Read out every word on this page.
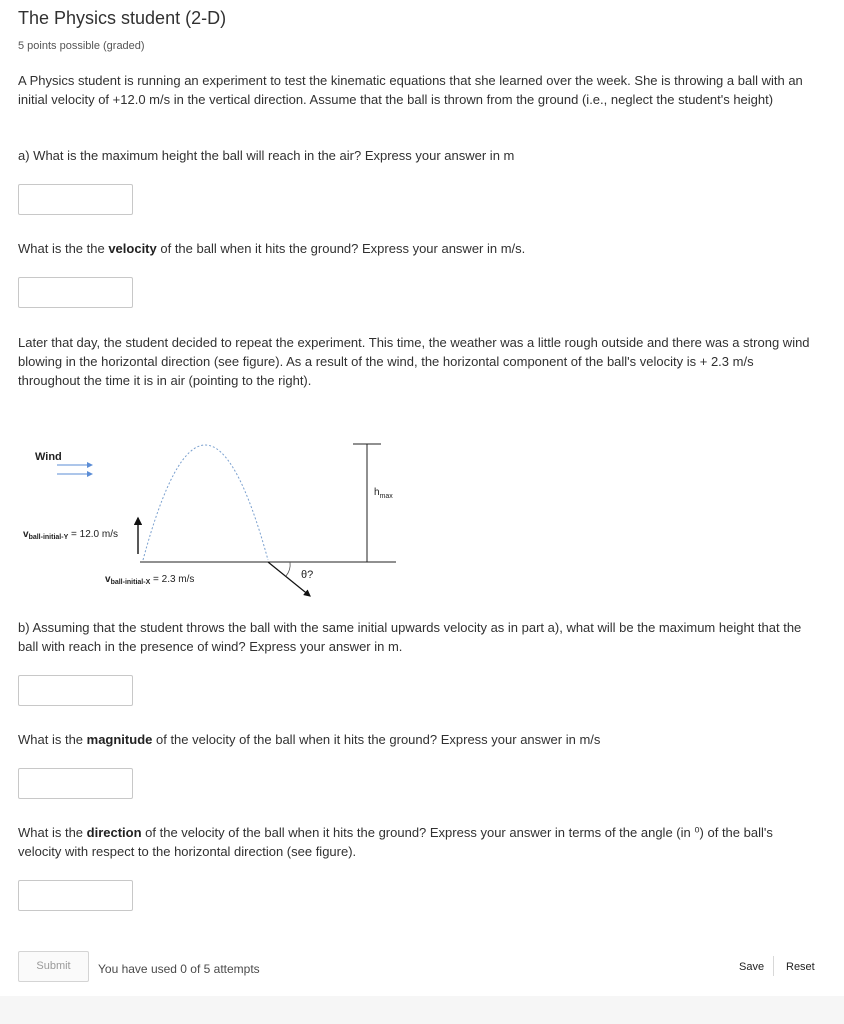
The Physics student (2-D)
5 points possible (graded)
A Physics student is running an experiment to test the kinematic equations that she learned over the week. She is throwing a ball with an initial velocity of +12.0 m/s in the vertical direction. Assume that the ball is thrown from the ground (i.e., neglect the student's height)
a) What is the maximum height the ball will reach in the air? Express your answer in m
What is the the velocity of the ball when it hits the ground? Express your answer in m/s.
Later that day, the student decided to repeat the experiment. This time, the weather was a little rough outside and there was a strong wind blowing in the horizontal direction (see figure). As a result of the wind, the horizontal component of the ball's velocity is + 2.3 m/s throughout the time it is in air (pointing to the right).
Wind
θ?
$h_{max}$
$v_{ball-initial-Y} = 12.0$ m/s
$v_{ball-initial-X} = 2.3$ m/s
b) Assuming that the student throws the ball with the same initial upwards velocity as in part a), what will be the maximum height that the ball with reach in the presence of wind? Express your answer in m.
What is the magnitude of the velocity of the ball when it hits the ground? Express your answer in m/s
What is the direction of the velocity of the ball when it hits the ground? Express your answer in terms of the angle (in ⁰) of the ball's velocity with respect to the horizontal direction (see figure).
Submit	You have used 0 of 5 attempts	Save Reset
